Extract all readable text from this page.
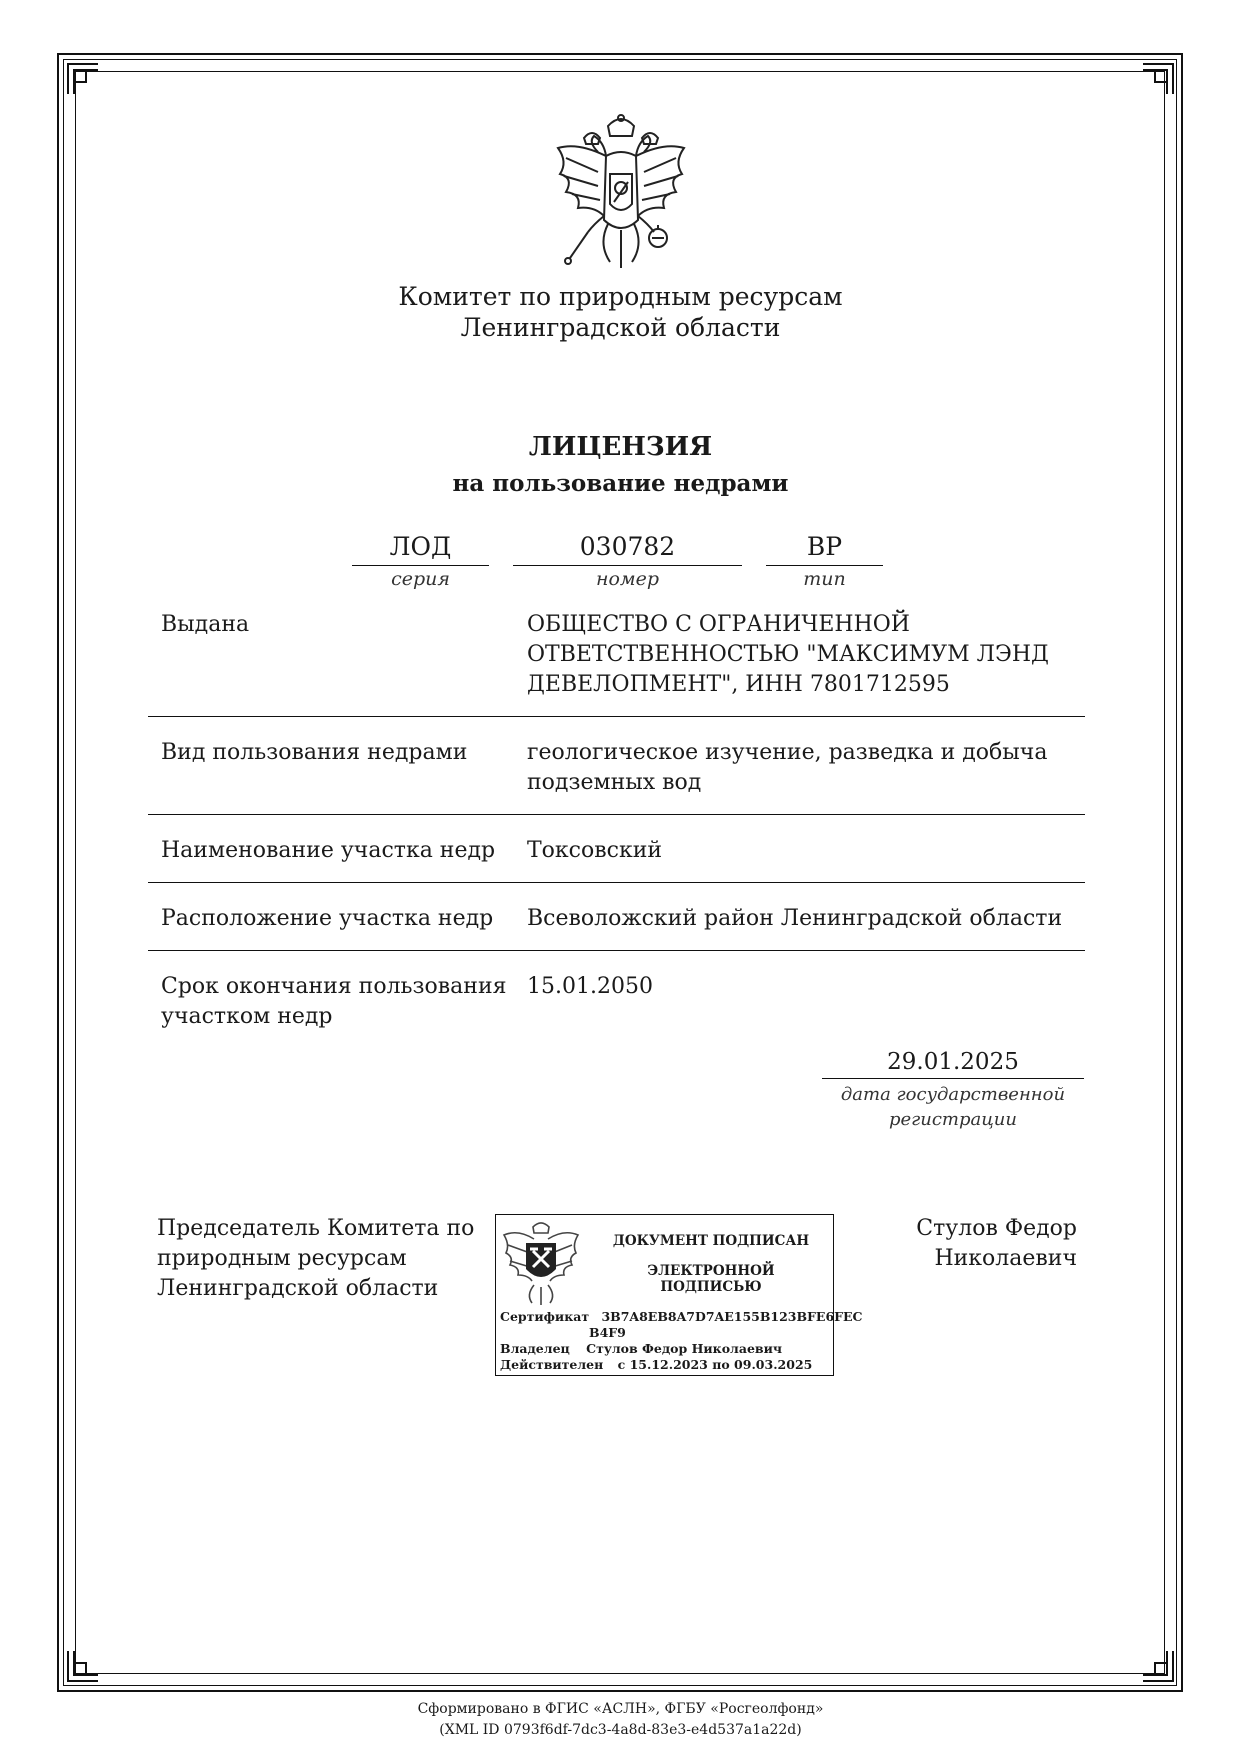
Комитет по природным ресурсам
Ленинградской области
ЛИЦЕНЗИЯ
на пользование недрами
ЛОД
серия
030782
номер
ВР
тип
Выдана	ОБЩЕСТВО С ОГРАНИЧЕННОЙ
ОТВЕТСТВЕННОСТЬЮ "МАКСИМУМ ЛЭНД
ДЕВЕЛОПМЕНТ", ИНН 7801712595
Вид пользования недрами	геологическое изучение, разведка и добыча
подземных вод
Наименование участка недр Токсовский
Расположение участка недр Всеволожский район Ленинградской области
Срок окончания пользования
участком недр
15.01.2050
29.01.2025
дата государственной
регистрации
Председатель Комитета по
природным ресурсам
Ленинградской области
ДОКУМЕНТ ПОДПИСАН
ЭЛЕКТРОННОЙ ПОДПИСЬЮ
Сертификат 3B7A8EB8A7D7AE155B123BFE6FEC
B4F9
Владелец Стулов Федор Николаевич
Действителен с 15.12.2023 по 09.03.2025
Стулов Федор
Николаевич
Сформировано в ФГИС «АСЛН», ФГБУ «Росгеолфонд»
(XML ID 0793f6df-7dc3-4a8d-83e3-e4d537a1a22d)
